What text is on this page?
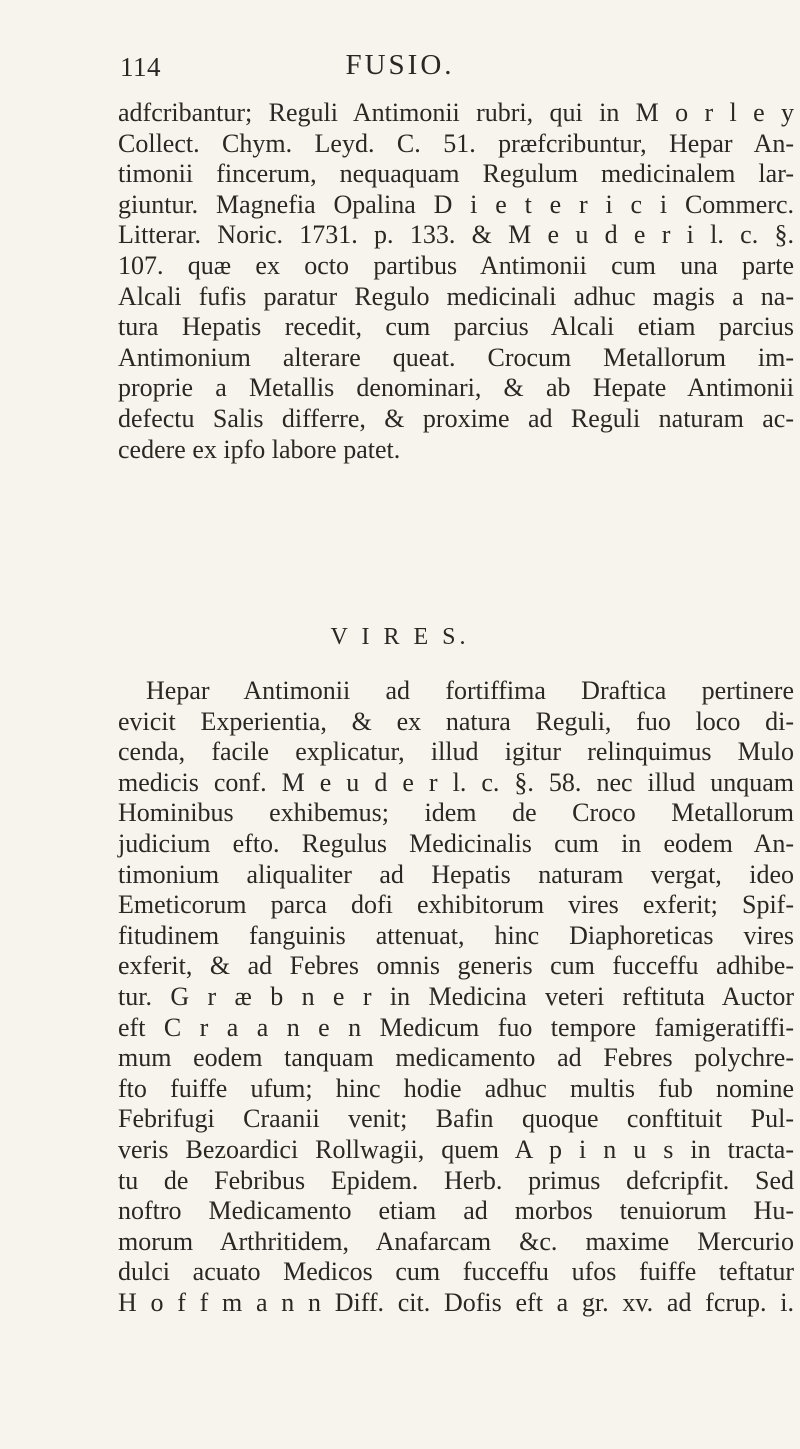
114	FUSIO.
adfcribantur; Reguli Antimonii rubri, qui in M o r l e y
Collect. Chym. Leyd. C. 51. præfcribuntur, Hepar An-
timonii fincerum, nequaquam Regulum medicinalem lar-
giuntur. Magnefia Opalina D i e t e r i c i Commerc.
Litterar. Noric. 1731. p. 133. & M e u d e r i l. c. §.
107. quæ ex octo partibus Antimonii cum una parte
Alcali fufis paratur Regulo medicinali adhuc magis a na-
tura Hepatis recedit, cum parcius Alcali etiam parcius
Antimonium alterare queat. Crocum Metallorum im-
proprie a Metallis denominari, & ab Hepate Antimonii
defectu Salis differre, & proxime ad Reguli naturam ac-
cedere ex ipfo labore patet.
V I R E S.
Hepar Antimonii ad fortiffima Draftica pertinere
evicit Experientia, & ex natura Reguli, fuo loco di-
cenda, facile explicatur, illud igitur relinquimus Mulo
medicis conf. M e u d e r l. c. §. 58. nec illud unquam
Hominibus exhibemus; idem de Croco Metallorum
judicium efto. Regulus Medicinalis cum in eodem An-
timonium aliqualiter ad Hepatis naturam vergat, ideo
Emeticorum parca dofi exhibitorum vires exferit; Spif-
fitudinem fanguinis attenuat, hinc Diaphoreticas vires
exferit, & ad Febres omnis generis cum fucceffu adhibe-
tur. G r æ b n e r in Medicina veteri reftituta Auctor
eft C r a a n e n Medicum fuo tempore famigeratiffi-
mum eodem tanquam medicamento ad Febres polychre-
fto fuiffe ufum; hinc hodie adhuc multis fub nomine
Febrifugi Craanii venit; Bafin quoque conftituit Pul-
veris Bezoardici Rollwagii, quem A p i n u s in tracta-
tu de Febribus Epidem. Herb. primus defcripfit. Sed
noftro Medicamento etiam ad morbos tenuiorum Hu-
morum Arthritidem, Anafarcam &c. maxime Mercurio
dulci acuato Medicos cum fucceffu ufos fuiffe teftatur
H o f f m a n n Diff. cit. Dofis eft a gr. xv. ad fcrup. i.
